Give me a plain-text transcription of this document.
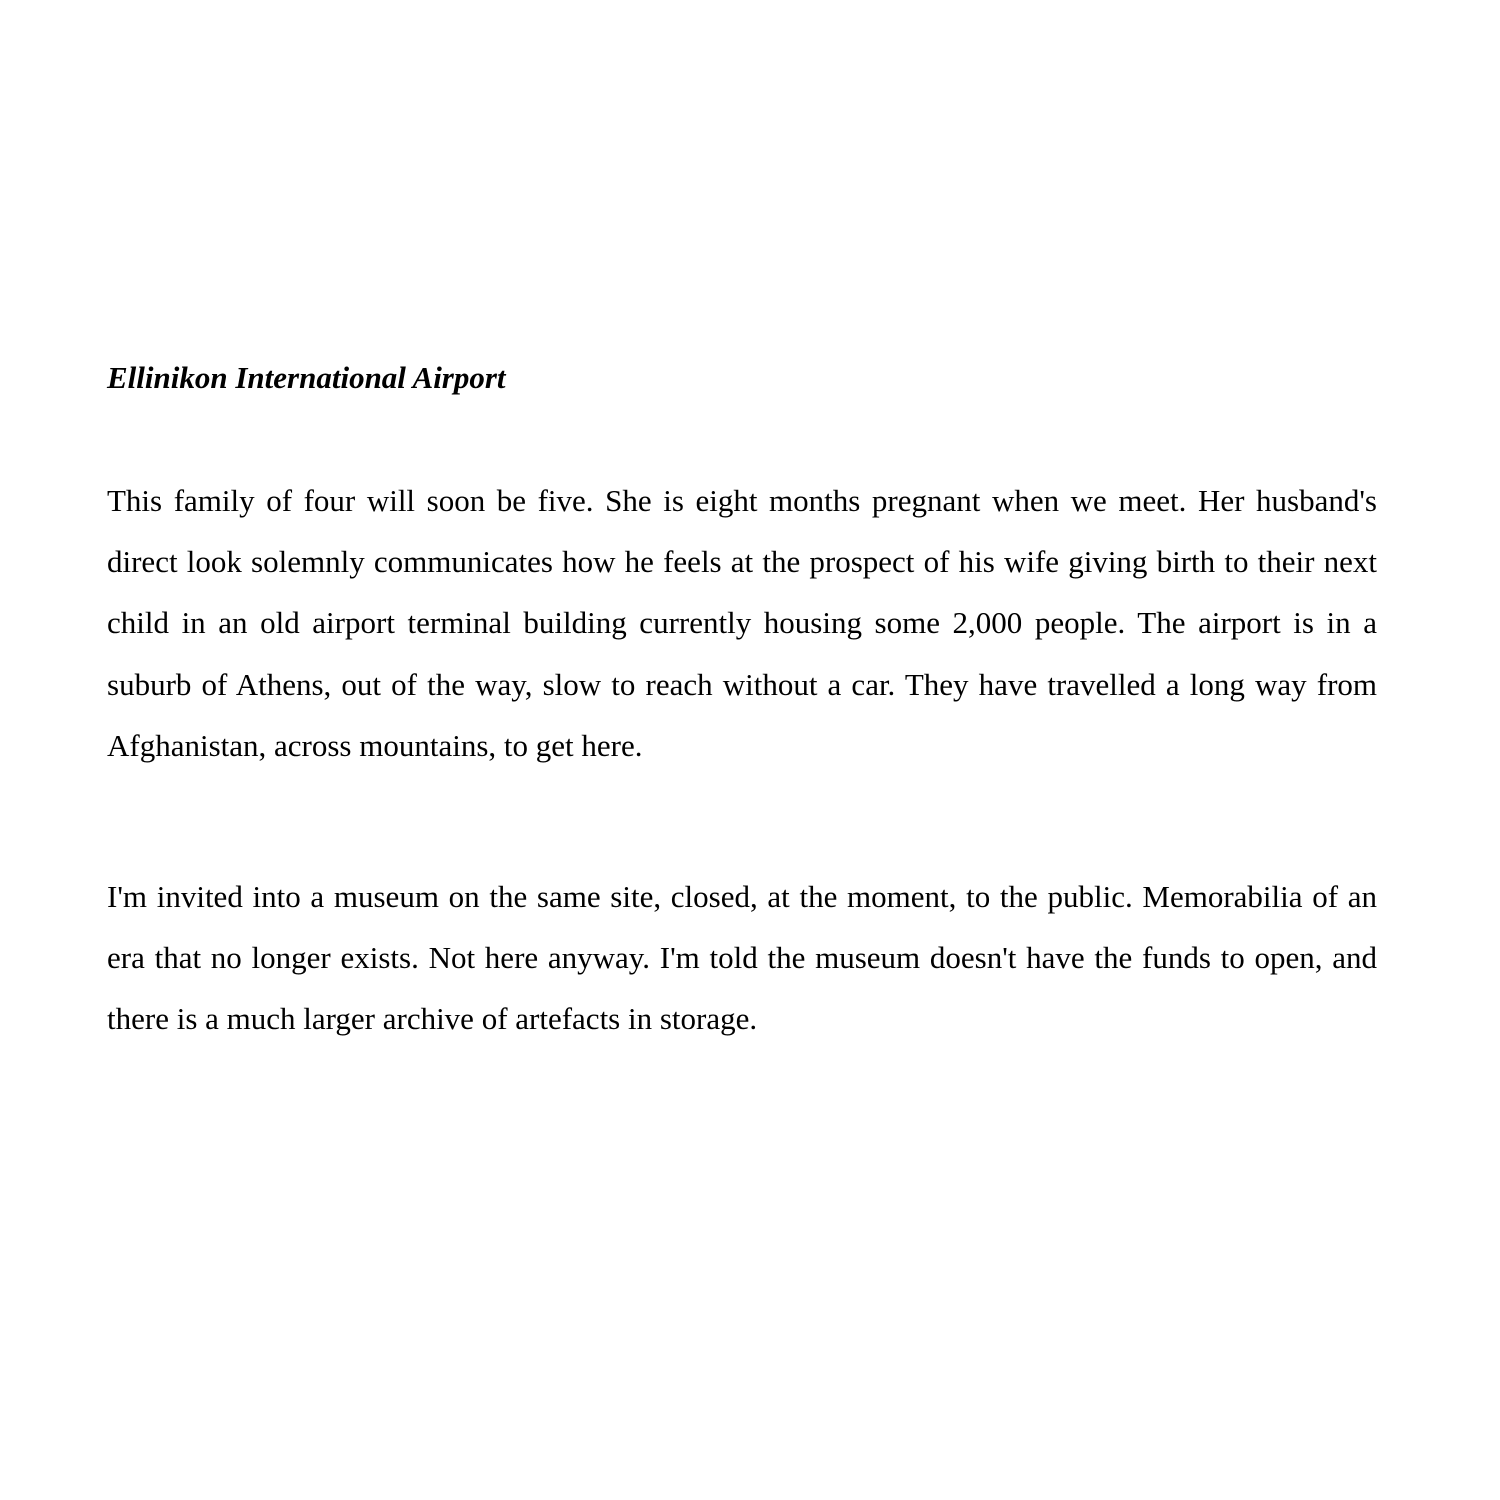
Ellinikon International Airport

This family of four will soon be five. She is eight months pregnant when we meet. Her husband's direct look solemnly communicates how he feels at the prospect of his wife giving birth to their next child in an old airport terminal building currently housing some 2,000 people. The airport is in a suburb of Athens, out of the way, slow to reach without a car. They have travelled a long way from Afghanistan, across mountains, to get here.

I'm invited into a museum on the same site, closed, at the moment, to the public. Memorabilia of an era that no longer exists. Not here anyway. I'm told the museum doesn't have the funds to open, and there is a much larger archive of artefacts in storage.
